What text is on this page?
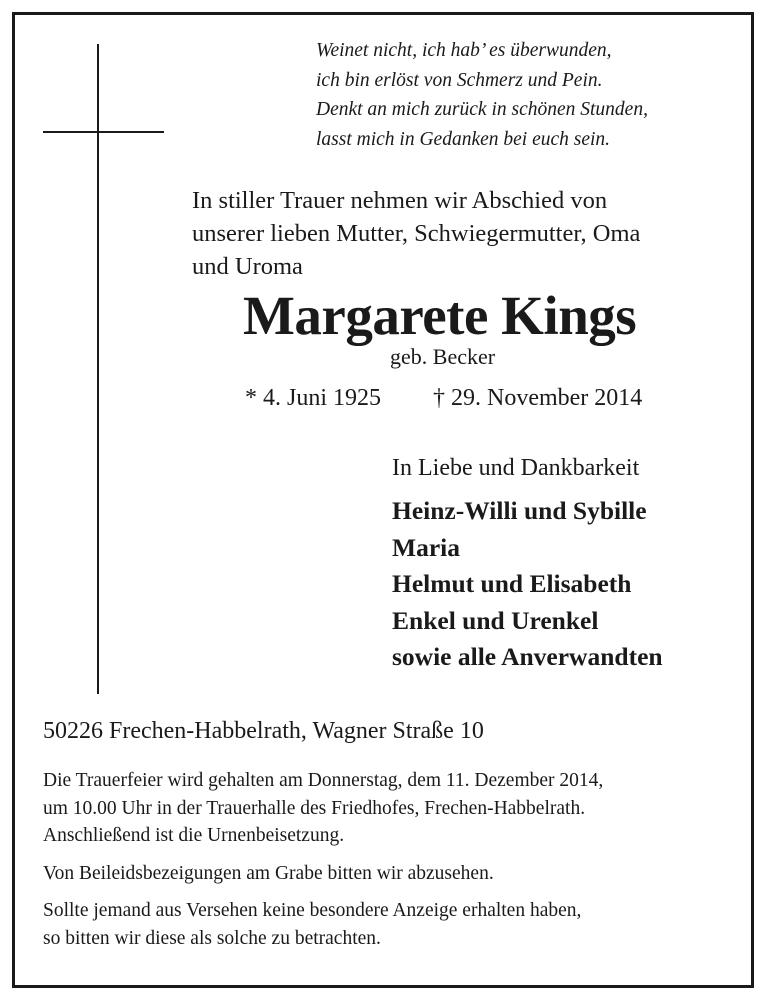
Weinet nicht, ich hab’ es überwunden,
ich bin erlöst von Schmerz und Pein.
Denkt an mich zurück in schönen Stunden,
lasst mich in Gedanken bei euch sein.
In stiller Trauer nehmen wir Abschied von
unserer lieben Mutter, Schwiegermutter, Oma
und Uroma
Margarete Kings
geb. Becker
* 4. Juni 1925 † 29. November 2014
In Liebe und Dankbarkeit
Heinz-Willi und Sybille
Maria
Helmut und Elisabeth
Enkel und Urenkel
sowie alle Anverwandten
50226 Frechen-Habbelrath, Wagner Straße 10

Die Trauerfeier wird gehalten am Donnerstag, dem 11. Dezember 2014,
um 10.00 Uhr in der Trauerhalle des Friedhofes, Frechen-Habbelrath.
Anschließend ist die Urnenbeisetzung.

Von Beileidsbezeigungen am Grabe bitten wir abzusehen.

Sollte jemand aus Versehen keine besondere Anzeige erhalten haben,
so bitten wir diese als solche zu betrachten.
